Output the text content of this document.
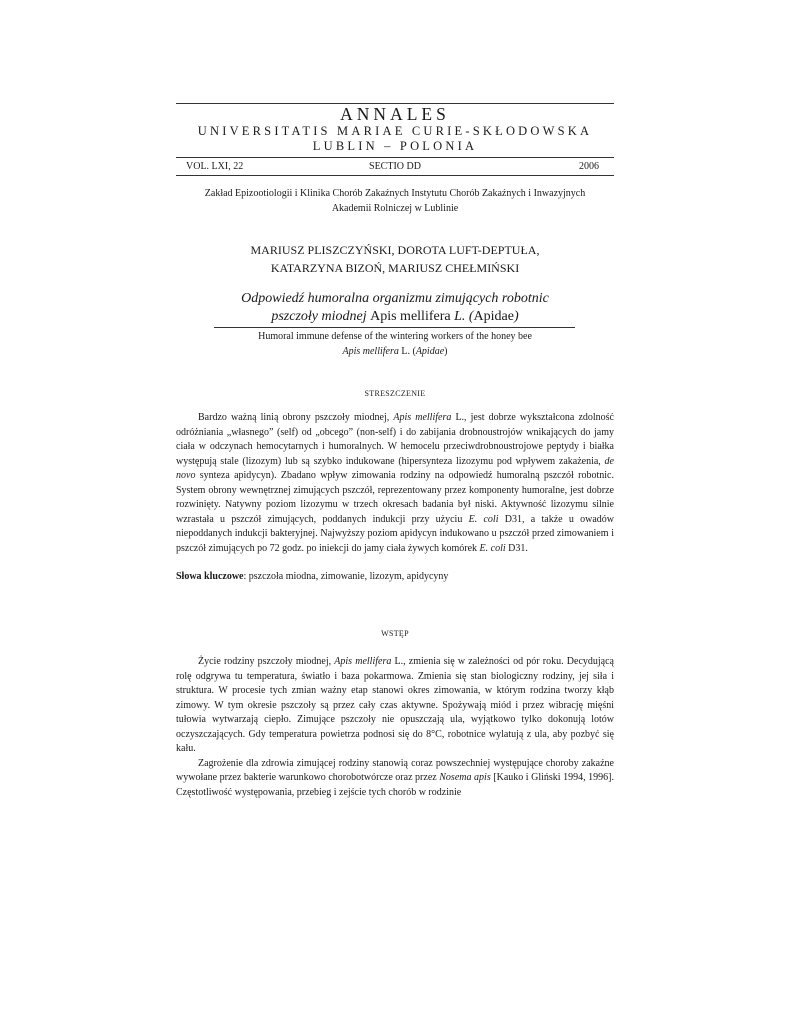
ANNALES
UNIVERSITATIS MARIAE CURIE-SKŁODOWSKA
LUBLIN – POLONIA
VOL. LXI, 22	SECTIO DD	2006
Zakład Epizootiologii i Klinika Chorób Zakaźnych Instytutu Chorób Zakaźnych i Inwazyjnych
Akademii Rolniczej w Lublinie
MARIUSZ PLISZCZYŃSKI, DOROTA LUFT-DEPTUŁA,
KATARZYNA BIZOŃ, MARIUSZ CHEŁMIŃSKI
Odpowiedź humoralna organizmu zimujących robotnic
pszczoły miodnej Apis mellifera L. (Apidae)
Humoral immune defense of the wintering workers of the honey bee
Apis mellifera L. (Apidae)
STRESZCZENIE

Bardzo ważną linią obrony pszczoły miodnej, Apis mellifera L., jest dobrze wykształcona zdolność odróżniania „własnego” (self) od „obcego” (non-self) i do zabijania drobnoustrojów wnikających do jamy ciała w odczynach hemocytarnych i humoralnych. W hemocelu przeciwdrobnoustrojowe peptydy i białka występują stale (lizozym) lub są szybko indukowane (hipersynteza lizozymu pod wpływem zakażenia, de novo synteza apidycyn). Zbadano wpływ zimowania rodziny na odpowiedź humoralną pszczół robotnic. System obrony wewnętrznej zimujących pszczół, reprezentowany przez komponenty humoralne, jest dobrze rozwinięty. Natywny poziom lizozymu w trzech okresach badania był niski. Aktywność lizozymu silnie wzrastała u pszczół zimujących, poddanych indukcji przy użyciu E. coli D31, a także u owadów niepoddanych indukcji bakteryjnej. Najwyższy poziom apidycyn indukowano u pszczół przed zimowaniem i pszczół zimujących po 72 godz. po iniekcji do jamy ciała żywych komórek E. coli D31.

Słowa kluczowe: pszczoła miodna, zimowanie, lizozym, apidycyny
WSTĘP

Życie rodziny pszczoły miodnej, Apis mellifera L., zmienia się w zależności od pór roku. Decydującą rolę odgrywa tu temperatura, światło i baza pokarmowa. Zmienia się stan biologiczny rodziny, jej siła i struktura. W procesie tych zmian ważny etap stanowi okres zimowania, w którym rodzina tworzy kłąb zimowy. W tym okresie pszczoły są przez cały czas aktywne. Spożywają miód i przez wibrację mięśni tułowia wytwarzają ciepło. Zimujące pszczoły nie opuszczają ula, wyjątkowo tylko dokonują lotów oczyszczających. Gdy temperatura powietrza podnosi się do 8°C, robotnice wylatują z ula, aby pozbyć się kału.

Zagrożenie dla zdrowia zimującej rodziny stanowią coraz powszechniej występujące choroby zakaźne wywołane przez bakterie warunkowo chorobotwórcze oraz przez Nosema apis [Kauko i Gliński 1994, 1996]. Częstotliwość występowania, przebieg i zejście tych chorób w rodzinie
